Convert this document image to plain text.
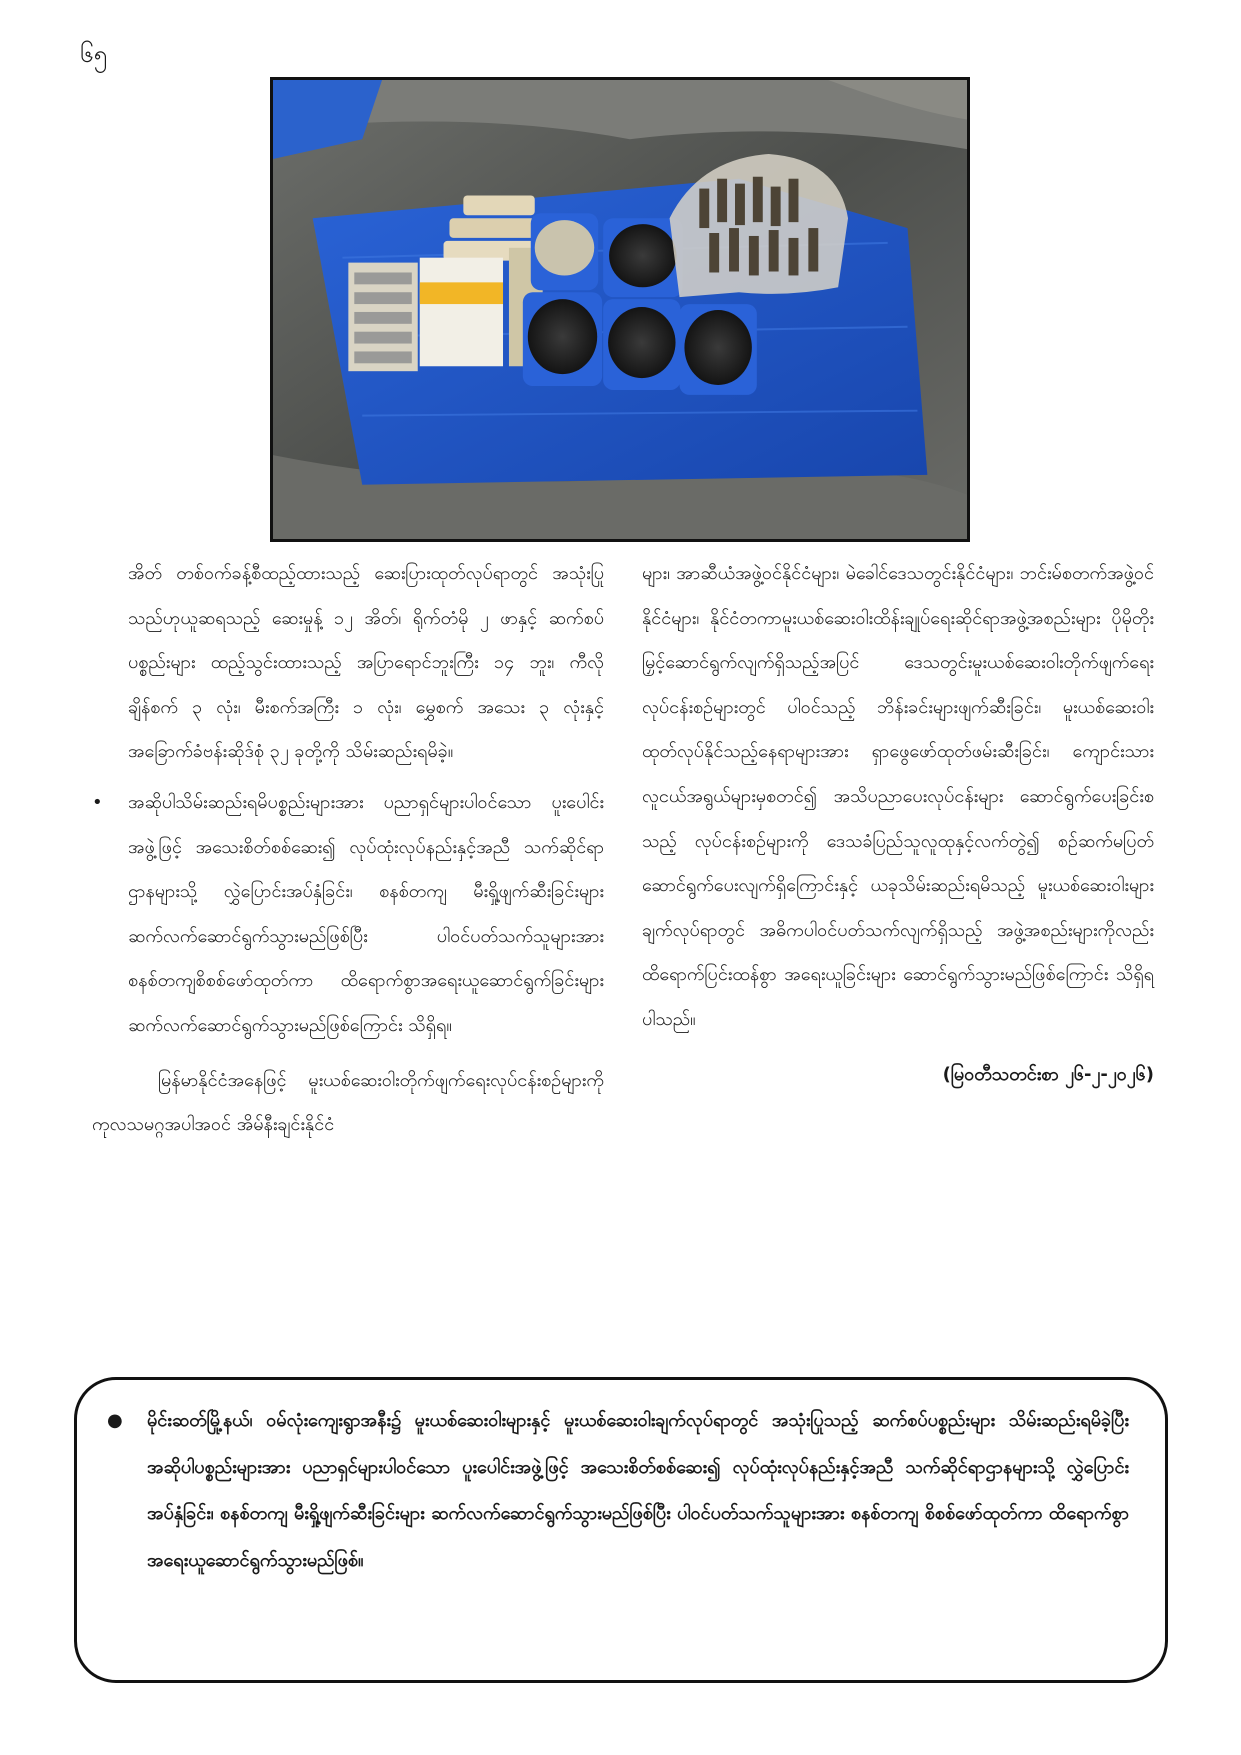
၆၅

အိတ် တစ်ဝက်ခန့်စီထည့်ထားသည့် ဆေးပြားထုတ်လုပ်ရာတွင် အသုံးပြု သည်ဟုယူဆရသည့် ဆေးမှုန့် ၁၂ အိတ်၊ ရိုက်တံမို ၂ ဖာနှင့် ဆက်စပ်ပစ္စည်းများ ထည့်သွင်းထားသည့် အပြာရောင်ဘူးကြီး ၁၄ ဘူး၊ ကီလိုချိန်စက် ၃ လုံး၊ မီးစက်အကြီး ၁ လုံး၊ မွှေစက် အသေး ၃ လုံးနှင့် အခြောက်ခံဗန်းဆိုဒ်စုံ ၃၂ ခုတို့ကို သိမ်းဆည်းရမိခဲ့။

• အဆိုပါသိမ်းဆည်းရမိပစ္စည်းများအား ပညာရှင်များပါဝင်သော ပူးပေါင်းအဖွဲ့ဖြင့် အသေးစိတ်စစ်ဆေး၍ လုပ်ထုံးလုပ်နည်းနှင့်အညီ သက်ဆိုင်ရာဌာနများသို့ လွှဲပြောင်းအပ်နှံခြင်း၊ စနစ်တကျ မီးရှို့ဖျက်ဆီးခြင်းများ ဆက်လက်ဆောင်ရွက်သွားမည်ဖြစ်ပြီး ပါဝင်ပတ်သက်သူများအား စနစ်တကျစိစစ်ဖော်ထုတ်ကာ ထိရောက်စွာအရေးယူဆောင်ရွက်ခြင်းများ ဆက်လက်ဆောင်ရွက်သွားမည်ဖြစ်ကြောင်း သိရှိရ။

မြန်မာနိုင်ငံအနေဖြင့် မူးယစ်ဆေးဝါးတိုက်ဖျက်ရေးလုပ်ငန်းစဉ်များကို ကုလသမဂ္ဂအပါအဝင် အိမ်နီးချင်းနိုင်ငံ

များ၊ အာဆီယံအဖွဲ့ဝင်နိုင်ငံများ၊ မဲခေါင်ဒေသတွင်းနိုင်ငံများ၊ ဘင်းမ်စတက်အဖွဲ့ဝင် နိုင်ငံများ၊ နိုင်ငံတကာမူးယစ်ဆေးဝါးထိန်းချုပ်ရေးဆိုင်ရာအဖွဲ့အစည်းများ ပိုမိုတိုးမြှင့်ဆောင်ရွက်လျက်ရှိသည့်အပြင် ဒေသတွင်းမူးယစ်ဆေးဝါးတိုက်ဖျက်ရေးလုပ်ငန်းစဉ်များတွင် ပါဝင်သည့် ဘိန်းခင်းများဖျက်ဆီးခြင်း၊ မူးယစ်ဆေးဝါးထုတ်လုပ်နိုင်သည့်နေရာများအား ရှာဖွေဖော်ထုတ်ဖမ်းဆီးခြင်း၊ ကျောင်းသားလူငယ်အရွယ်များမှစတင်၍ အသိပညာပေးလုပ်ငန်းများ ဆောင်ရွက်ပေးခြင်းစသည့် လုပ်ငန်းစဉ်များကို ဒေသခံပြည်သူလူထုနှင့်လက်တွဲ၍ စဉ်ဆက်မပြတ်ဆောင်ရွက်ပေးလျက်ရှိကြောင်းနှင့် ယခုသိမ်းဆည်းရမိသည့် မူးယစ်ဆေးဝါးများ ချက်လုပ်ရာတွင် အဓိကပါဝင်ပတ်သက်လျက်ရှိသည့် အဖွဲ့အစည်းများကိုလည်း ထိရောက်ပြင်းထန်စွာ အရေးယူခြင်းများ ဆောင်ရွက်သွားမည်ဖြစ်ကြောင်း သိရှိရပါသည်။

(မြဝတီသတင်းစာ ၂၆-၂-၂၀၂၆)

● မိုင်းဆတ်မြို့နယ်၊ ဝမ်လုံးကျေးရွာအနီး၌ မူးယစ်ဆေးဝါးများနှင့် မူးယစ်ဆေးဝါးချက်လုပ်ရာတွင် အသုံးပြုသည့် ဆက်စပ်ပစ္စည်းများ သိမ်းဆည်းရမိခဲ့ပြီး အဆိုပါပစ္စည်းများအား ပညာရှင်များပါဝင်သော ပူးပေါင်းအဖွဲ့ဖြင့် အသေးစိတ်စစ်ဆေး၍ လုပ်ထုံးလုပ်နည်းနှင့်အညီ သက်ဆိုင်ရာဌာနများသို့ လွှဲပြောင်းအပ်နှံခြင်း၊ စနစ်တကျ မီးရှို့ဖျက်ဆီးခြင်းများ ဆက်လက်ဆောင်ရွက်သွားမည်ဖြစ်ပြီး ပါဝင်ပတ်သက်သူများအား စနစ်တကျ စိစစ်ဖော်ထုတ်ကာ ထိရောက်စွာ အရေးယူဆောင်ရွက်သွားမည်ဖြစ်။
